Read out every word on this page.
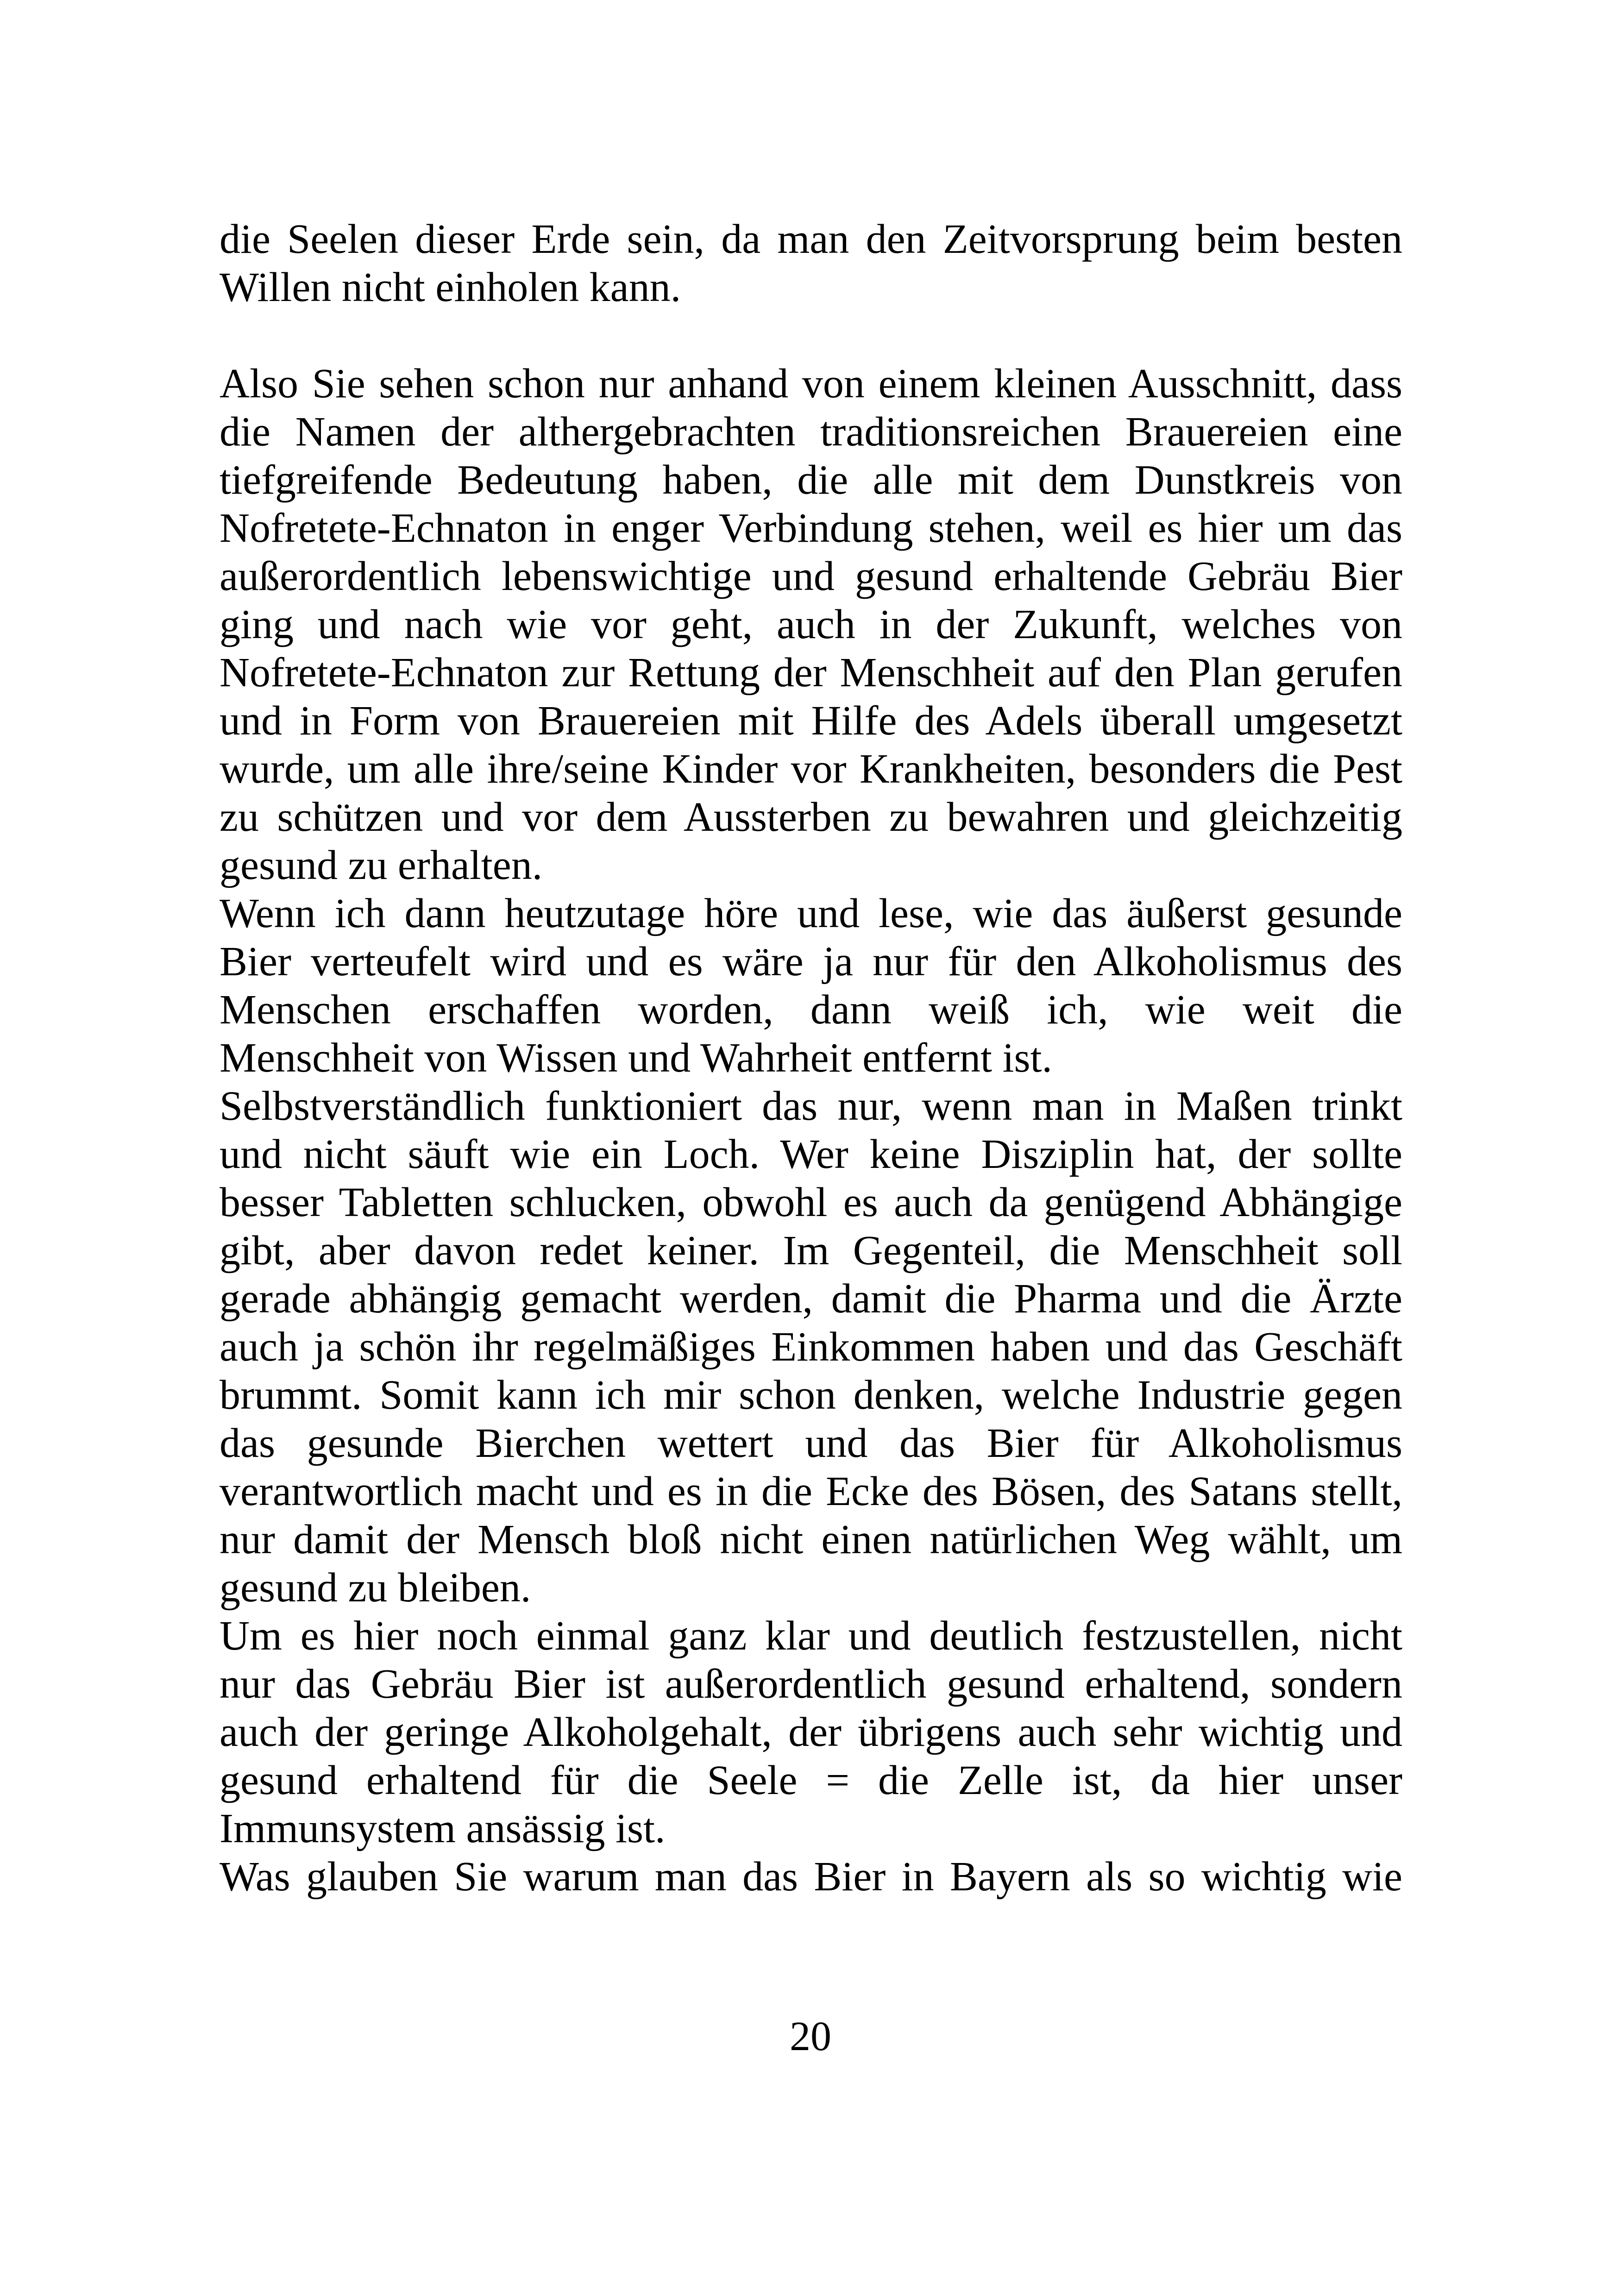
die Seelen dieser Erde sein, da man den Zeitvorsprung beim besten
Willen nicht einholen kann.
Also Sie sehen schon nur anhand von einem kleinen Ausschnitt, dass
die Namen der althergebrachten traditionsreichen Brauereien eine
tiefgreifende Bedeutung haben, die alle mit dem Dunstkreis von
Nofretete-Echnaton in enger Verbindung stehen, weil es hier um das
außerordentlich lebenswichtige und gesund erhaltende Gebräu Bier
ging und nach wie vor geht, auch in der Zukunft, welches von
Nofretete-Echnaton zur Rettung der Menschheit auf den Plan gerufen
und in Form von Brauereien mit Hilfe des Adels überall umgesetzt
wurde, um alle ihre/seine Kinder vor Krankheiten, besonders die Pest
zu schützen und vor dem Aussterben zu bewahren und gleichzeitig
gesund zu erhalten.
Wenn ich dann heutzutage höre und lese, wie das äußerst gesunde
Bier verteufelt wird und es wäre ja nur für den Alkoholismus des
Menschen erschaffen worden, dann weiß ich, wie weit die
Menschheit von Wissen und Wahrheit entfernt ist.
Selbstverständlich funktioniert das nur, wenn man in Maßen trinkt
und nicht säuft wie ein Loch. Wer keine Disziplin hat, der sollte
besser Tabletten schlucken, obwohl es auch da genügend Abhängige
gibt, aber davon redet keiner. Im Gegenteil, die Menschheit soll
gerade abhängig gemacht werden, damit die Pharma und die Ärzte
auch ja schön ihr regelmäßiges Einkommen haben und das Geschäft
brummt. Somit kann ich mir schon denken, welche Industrie gegen
das gesunde Bierchen wettert und das Bier für Alkoholismus
verantwortlich macht und es in die Ecke des Bösen, des Satans stellt,
nur damit der Mensch bloß nicht einen natürlichen Weg wählt, um
gesund zu bleiben.
Um es hier noch einmal ganz klar und deutlich festzustellen, nicht
nur das Gebräu Bier ist außerordentlich gesund erhaltend, sondern
auch der geringe Alkoholgehalt, der übrigens auch sehr wichtig und
gesund erhaltend für die Seele = die Zelle ist, da hier unser
Immunsystem ansässig ist.
Was glauben Sie warum man das Bier in Bayern als so wichtig wie
20
